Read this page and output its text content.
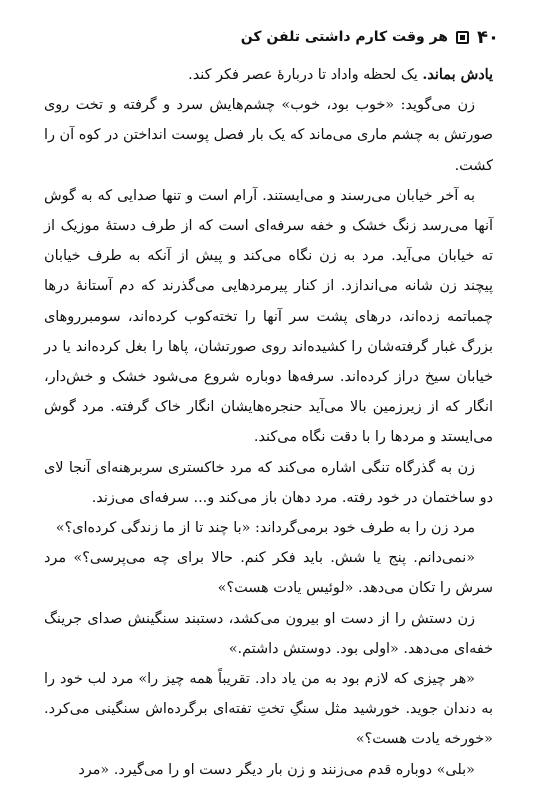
۴۰
هر وقت کارم داشتی تلفن کن

یادش بماند. یک لحظه واداد تا دربارهٔ عصر فکر کند.

زن می‌گوید: «خوب بود، خوب» چشم‌هایش سرد و گرفته و تخت روی صورتش به چشم ماری می‌ماند که یک بار فصل پوست انداختن در کوه آن را کشت.

به آخر خیابان می‌رسند و می‌ایستند. آرام است و تنها صدایی که به گوش آنها می‌رسد زنگ خشک و خفه سرفه‌ای است که از طرف دستهٔ موزیک از ته خیابان می‌آید. مرد به زن نگاه می‌کند و پیش از آنکه به طرف خیابان پیچند زن شانه می‌اندازد. از کنار پیرمردهایی می‌گذرند که دم آستانهٔ درها چمباتمه زده‌اند، درهای پشت سر آنها را تخته‌کوب کرده‌اند، سومبرروهای بزرگ غبار گرفته‌شان را کشیده‌اند روی صورتشان، پاها را بغل کرده‌اند یا در خیابان سیخ دراز کرده‌اند. سرفه‌ها دوباره شروع می‌شود خشک و خش‌دار، انگار که از زیرزمین بالا می‌آید حنجره‌هایشان انگار خاک گرفته. مرد گوش می‌ایستد و مردها را با دقت نگاه می‌کند.

زن به گذرگاه تنگی اشاره می‌کند که مرد خاکستری سربرهنه‌ای آنجا لای دو ساختمان در خود رفته. مرد دهان باز می‌کند و... سرفه‌ای می‌زند.

مرد زن را به طرف خود برمی‌گرداند: «با چند تا از ما زندگی کرده‌ای؟»

«نمی‌دانم. پنج یا شش. باید فکر کنم. حالا برای چه می‌پرسی؟» مرد سرش را تکان می‌دهد. «لوئیس یادت هست؟»

زن دستش را از دست او بیرون می‌کشد، دستبند سنگینش صدای جرینگ خفه‌ای می‌دهد. «اولی بود. دوستش داشتم.»

«هر چیزی که لازم بود به من یاد داد. تقریباً همه چیز را» مرد لب خود را به دندان جوید. خورشید مثل سنگِ تختِ تفته‌ای برگرده‌اش سنگینی می‌کرد. «خورخه یادت هست؟»

«بلی» دوباره قدم می‌زنند و زن بار دیگر دست او را می‌گیرد. «مرد
